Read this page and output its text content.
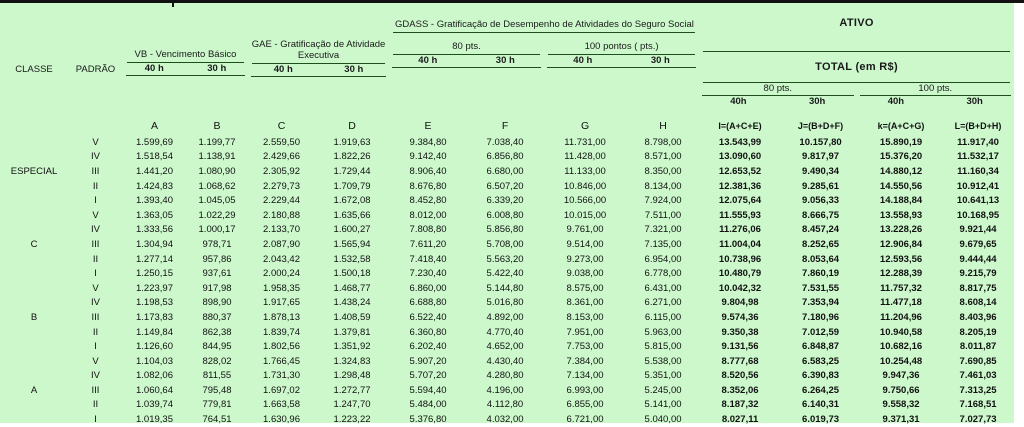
CLASSE	PADRÃO

VB - Vencimento Básico
40 h	30 h

GAE - Gratificação de Atividade Executiva
40 h	30 h

GDASS - Gratificação de Desempenho de Atividades do Seguro Social
80 pts.
40 h	30 h
100 pontos ( pts.)
40 h	30 h

ATIVO
TOTAL (em R$)
80 pts.
40h	30h
100 pts.
40h	30h

		A	B	C	D	E	F	G	H	I=(A+C+E)	J=(B+D+F)	k=(A+C+G)	L=(B+D+H)
ESPECIAL	V	1.599,69	1.199,77	2.559,50	1.919,63	9.384,80	7.038,40	11.731,00	8.798,00	13.543,99	10.157,80	15.890,19	11.917,40
	IV	1.518,54	1.138,91	2.429,66	1.822,26	9.142,40	6.856,80	11.428,00	8.571,00	13.090,60	9.817,97	15.376,20	11.532,17
	III	1.441,20	1.080,90	2.305,92	1.729,44	8.906,40	6.680,00	11.133,00	8.350,00	12.653,52	9.490,34	14.880,12	11.160,34
	II	1.424,83	1.068,62	2.279,73	1.709,79	8.676,80	6.507,20	10.846,00	8.134,00	12.381,36	9.285,61	14.550,56	10.912,41
	I	1.393,40	1.045,05	2.229,44	1.672,08	8.452,80	6.339,20	10.566,00	7.924,00	12.075,64	9.056,33	14.188,84	10.641,13
C	V	1.363,05	1.022,29	2.180,88	1.635,66	8.012,00	6.008,80	10.015,00	7.511,00	11.555,93	8.666,75	13.558,93	10.168,95
	IV	1.333,56	1.000,17	2.133,70	1.600,27	7.808,80	5.856,80	9.761,00	7.321,00	11.276,06	8.457,24	13.228,26	9.921,44
	III	1.304,94	978,71	2.087,90	1.565,94	7.611,20	5.708,00	9.514,00	7.135,00	11.004,04	8.252,65	12.906,84	9.679,65
	II	1.277,14	957,86	2.043,42	1.532,58	7.418,40	5.563,20	9.273,00	6.954,00	10.738,96	8.053,64	12.593,56	9.444,44
	I	1.250,15	937,61	2.000,24	1.500,18	7.230,40	5.422,40	9.038,00	6.778,00	10.480,79	7.860,19	12.288,39	9.215,79
B	V	1.223,97	917,98	1.958,35	1.468,77	6.860,00	5.144,80	8.575,00	6.431,00	10.042,32	7.531,55	11.757,32	8.817,75
	IV	1.198,53	898,90	1.917,65	1.438,24	6.688,80	5.016,80	8.361,00	6.271,00	9.804,98	7.353,94	11.477,18	8.608,14
	III	1.173,83	880,37	1.878,13	1.408,59	6.522,40	4.892,00	8.153,00	6.115,00	9.574,36	7.180,96	11.204,96	8.403,96
	II	1.149,84	862,38	1.839,74	1.379,81	6.360,80	4.770,40	7.951,00	5.963,00	9.350,38	7.012,59	10.940,58	8.205,19
	I	1.126,60	844,95	1.802,56	1.351,92	6.202,40	4.652,00	7.753,00	5.815,00	9.131,56	6.848,87	10.682,16	8.011,87
A	V	1.104,03	828,02	1.766,45	1.324,83	5.907,20	4.430,40	7.384,00	5.538,00	8.777,68	6.583,25	10.254,48	7.690,85
	IV	1.082,06	811,55	1.731,30	1.298,48	5.707,20	4.280,80	7.134,00	5.351,00	8.520,56	6.390,83	9.947,36	7.461,03
	III	1.060,64	795,48	1.697,02	1.272,77	5.594,40	4.196,00	6.993,00	5.245,00	8.352,06	6.264,25	9.750,66	7.313,25
	II	1.039,74	779,81	1.663,58	1.247,70	5.484,00	4.112,80	6.855,00	5.141,00	8.187,32	6.140,31	9.558,32	7.168,51
	I	1.019,35	764,51	1.630,96	1.223,22	5.376,80	4.032,00	6.721,00	5.040,00	8.027,11	6.019,73	9.371,31	7.027,73
